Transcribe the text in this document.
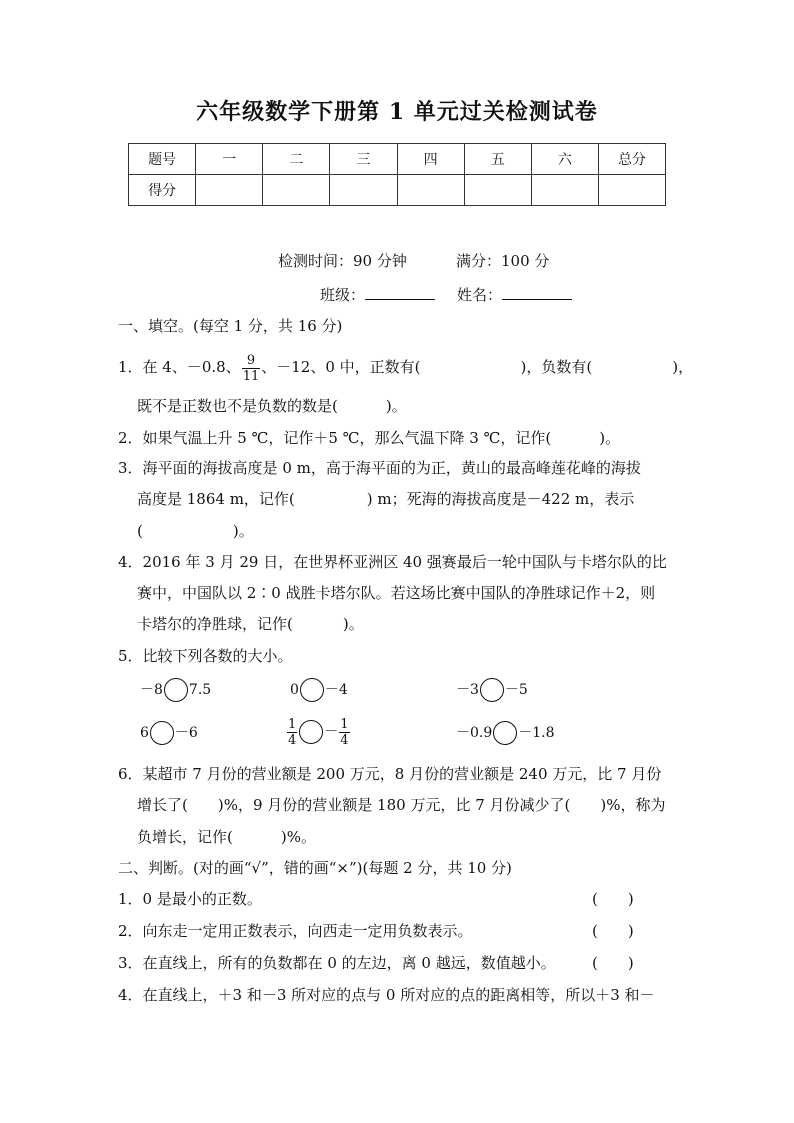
六年级数学下册第 1 单元过关检测试卷
题号	一	二	三	四	五	六	总分
得分							
检测时间：90 分钟	满分：100 分
班级：	姓名：
一、填空。(每空 1 分，共 16 分)
1．在 4、－0.8、 $\frac{9}{11}$ 、－12、0 中，正数有(	)，负数有(	)，
既不是正数也不是负数的数是(	)。
2．如果气温上升 5 ℃，记作＋5 ℃，那么气温下降 3 ℃，记作(	)。
3．海平面的海拔高度是 0 m，高于海平面的为正，黄山的最高峰莲花峰的海拔
高度是 1864 m，记作(	) m；死海的海拔高度是－422 m，表示
(	)。
4．2016 年 3 月 29 日，在世界杯亚洲区 40 强赛最后一轮中国队与卡塔尔队的比
赛中，中国队以 2∶0 战胜卡塔尔队。若这场比赛中国队的净胜球记作＋2，则
卡塔尔的净胜球，记作(	)。
5．比较下列各数的大小。
－8 7.5	0 －4	－3 －5
6 －6	$\frac{1}{4} - \frac{1}{4}$	－0.9 －1.8
6．某超市 7 月份的营业额是 200 万元，8 月份的营业额是 240 万元，比 7 月份
增长了( )%，9 月份的营业额是 180 万元，比 7 月份减少了( )%，称为
负增长，记作(	)%。
二、判断。(对的画“√”，错的画“×”)(每题 2 分，共 10 分)
1．0 是最小的正数。	(　　)
2．向东走一定用正数表示，向西走一定用负数表示。	(　　)
3．在直线上，所有的负数都在 0 的左边，离 0 越远，数值越小。 (　　)
4．在直线上，＋3 和－3 所对应的点与 0 所对应的点的距离相等，所以＋3 和－
